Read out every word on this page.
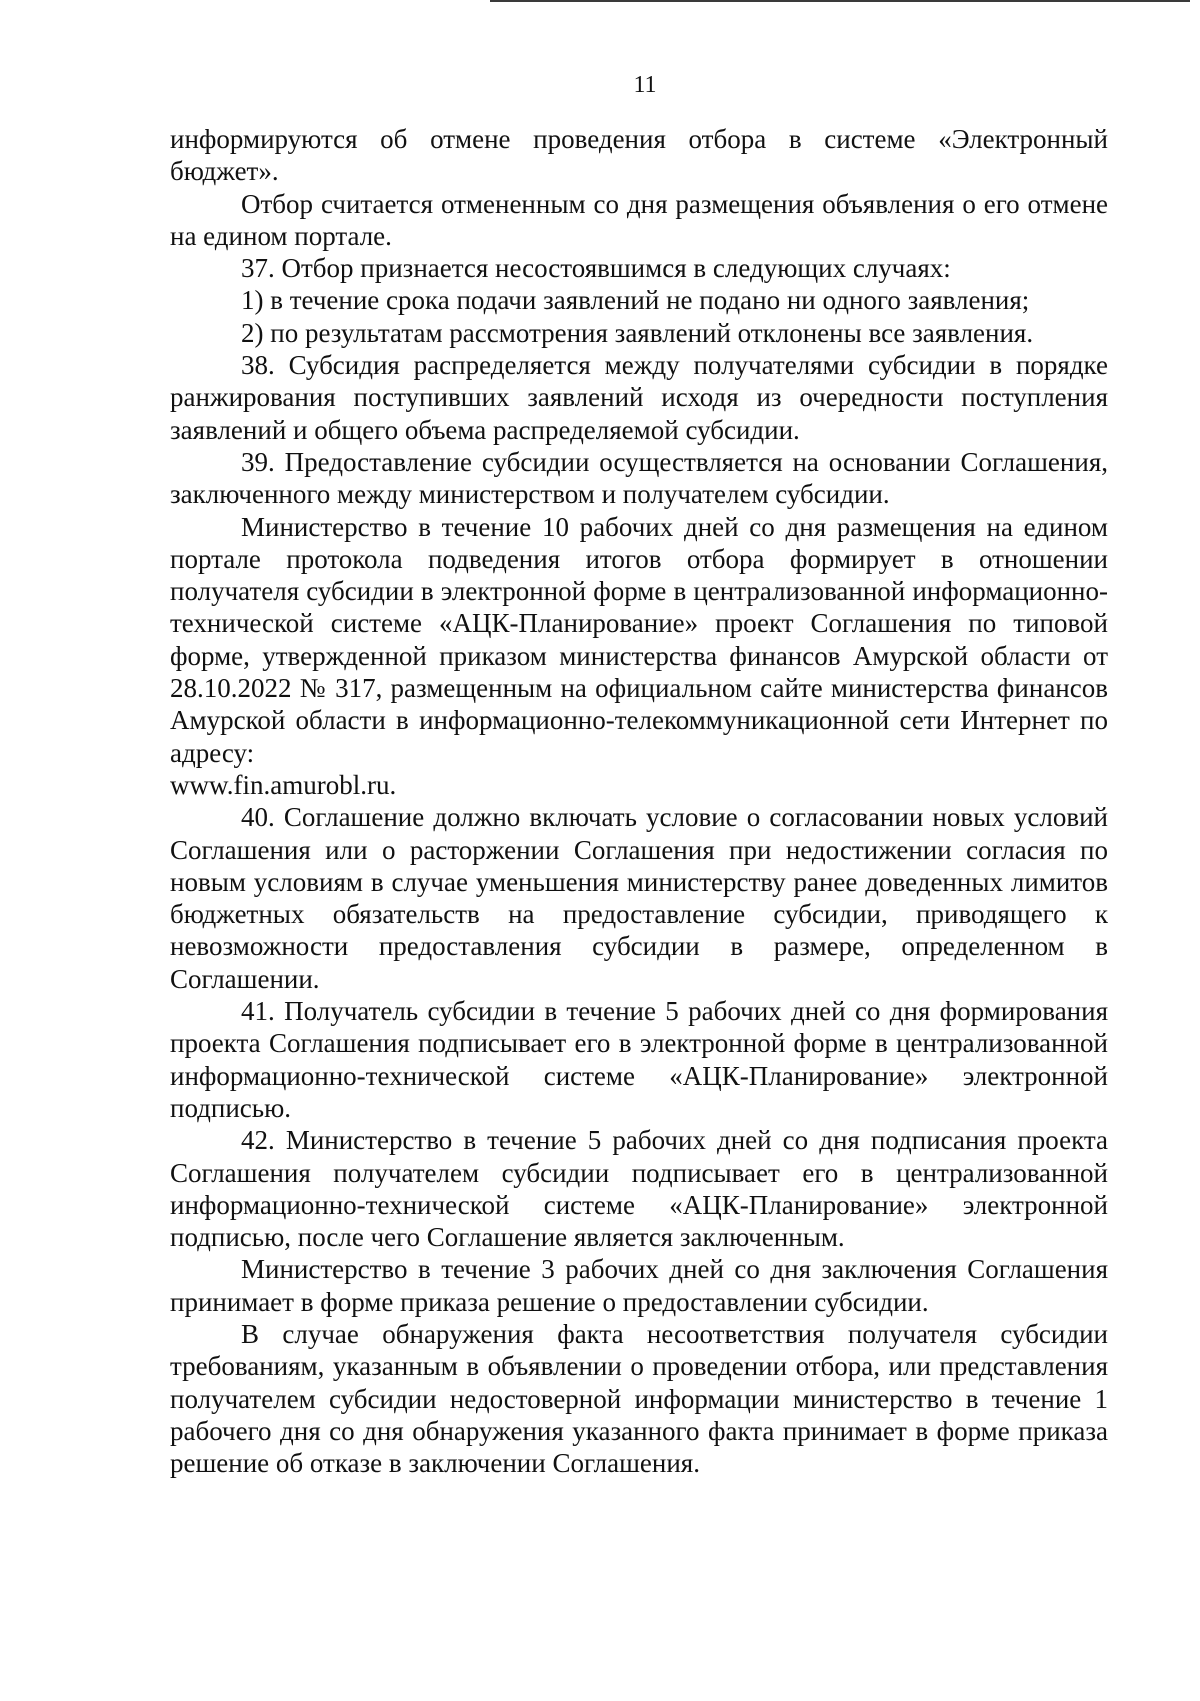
11

информируются об отмене проведения отбора в системе «Электронный бюджет».

Отбор считается отмененным со дня размещения объявления о его отмене на едином портале.

37. Отбор признается несостоявшимся в следующих случаях:

1) в течение срока подачи заявлений не подано ни одного заявления;

2) по результатам рассмотрения заявлений отклонены все заявления.

38. Субсидия распределяется между получателями субсидии в порядке ранжирования поступивших заявлений исходя из очередности поступления заявлений и общего объема распределяемой субсидии.

39. Предоставление субсидии осуществляется на основании Соглашения, заключенного между министерством и получателем субсидии.

Министерство в течение 10 рабочих дней со дня размещения на едином портале протокола подведения итогов отбора формирует в отношении получателя субсидии в электронной форме в централизованной информационно-технической системе «АЦК-Планирование» проект Соглашения по типовой форме, утвержденной приказом министерства финансов Амурской области от 28.10.2022 № 317, размещенным на официальном сайте министерства финансов Амурской области в информационно-телекоммуникационной сети Интернет по адресу:

www.fin.amurobl.ru.

40. Соглашение должно включать условие о согласовании новых условий Соглашения или о расторжении Соглашения при недостижении согласия по новым условиям в случае уменьшения министерству ранее доведенных лимитов бюджетных обязательств на предоставление субсидии, приводящего к невозможности предоставления субсидии в размере, определенном в Соглашении.

41. Получатель субсидии в течение 5 рабочих дней со дня формирования проекта Соглашения подписывает его в электронной форме в централизованной информационно-технической системе «АЦК-Планирование» электронной подписью.

42. Министерство в течение 5 рабочих дней со дня подписания проекта Соглашения получателем субсидии подписывает его в централизованной информационно-технической системе «АЦК-Планирование» электронной подписью, после чего Соглашение является заключенным.

Министерство в течение 3 рабочих дней со дня заключения Соглашения принимает в форме приказа решение о предоставлении субсидии.

В случае обнаружения факта несоответствия получателя субсидии требованиям, указанным в объявлении о проведении отбора, или представления получателем субсидии недостоверной информации министерство в течение 1 рабочего дня со дня обнаружения указанного факта принимает в форме приказа решение об отказе в заключении Соглашения.
